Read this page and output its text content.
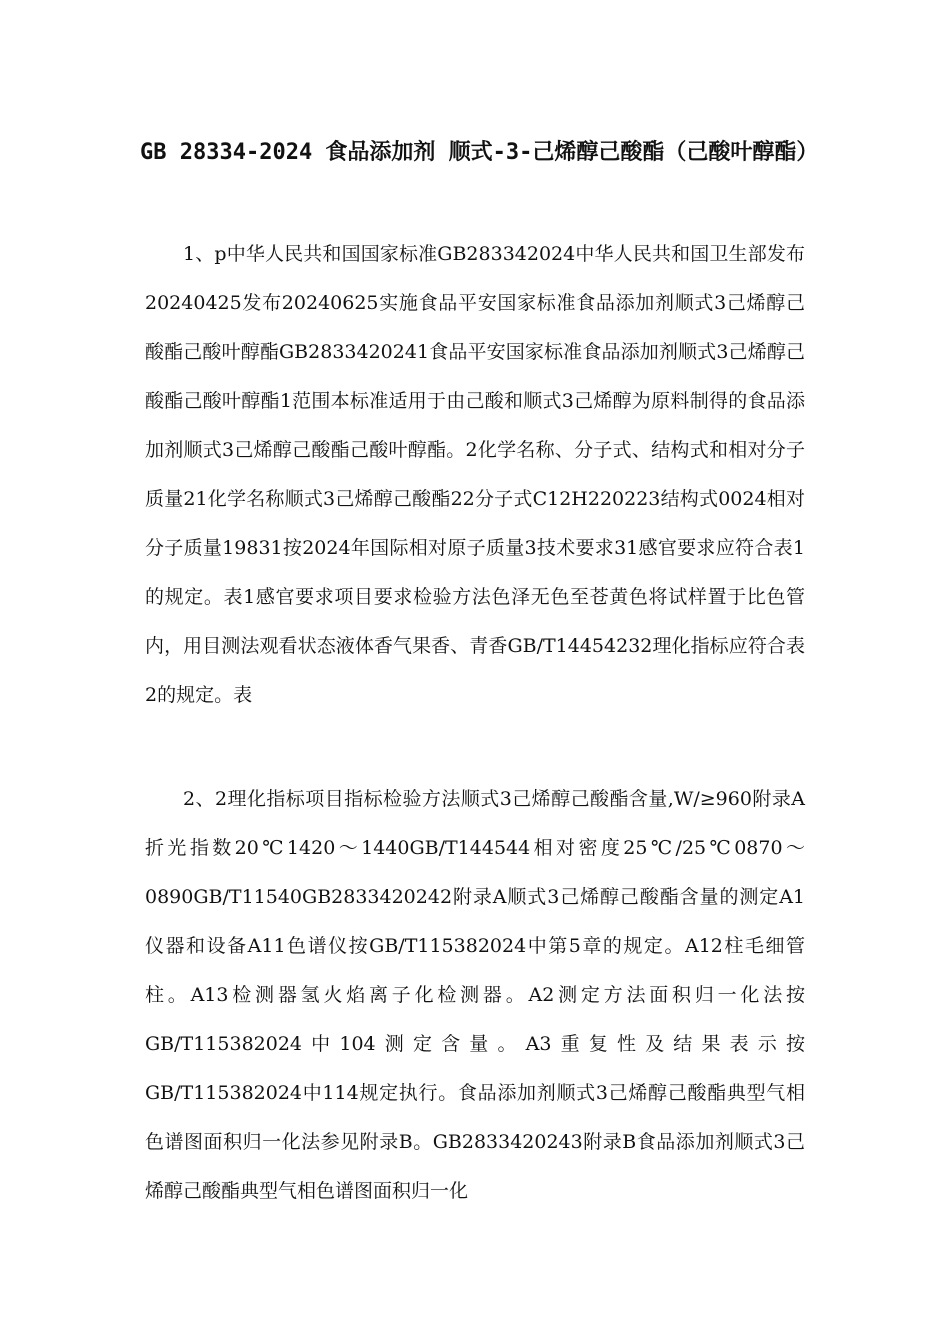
GB 28334-2024 食品添加剂 顺式-3-己烯醇己酸酯（己酸叶醇酯）

1、p中华人民共和国国家标准GB283342024中华人民共和国卫生部发布20240425发布20240625实施食品平安国家标准食品添加剂顺式3己烯醇己酸酯己酸叶醇酯GB2833420241食品平安国家标准食品添加剂顺式3己烯醇己酸酯己酸叶醇酯1范围本标准适用于由己酸和顺式3己烯醇为原料制得的食品添加剂顺式3己烯醇己酸酯己酸叶醇酯。2化学名称、分子式、结构式和相对分子质量21化学名称顺式3己烯醇己酸酯22分子式C12H220223结构式0024相对分子质量19831按2024年国际相对原子质量3技术要求31感官要求应符合表1的规定。表1感官要求项目要求检验方法色泽无色至苍黄色将试样置于比色管内，用目测法观看状态液体香气果香、青香GB/T14454232理化指标应符合表2的规定。表

2、2理化指标项目指标检验方法顺式3己烯醇己酸酯含量,W/≥960附录A折光指数20℃1420～1440GB/T144544相对密度25℃/25℃0870～0890GB/T11540GB2833420242附录A顺式3己烯醇己酸酯含量的测定A1仪器和设备A11色谱仪按GB/T115382024中第5章的规定。A12柱毛细管柱。A13检测器氢火焰离子化检测器。A2测定方法面积归一化法按GB/T115382024中104测定含量。A3重复性及结果表示按GB/T115382024中114规定执行。食品添加剂顺式3己烯醇己酸酯典型气相色谱图面积归一化法参见附录B。GB2833420243附录B食品添加剂顺式3己烯醇己酸酯典型气相色谱图面积归一化
